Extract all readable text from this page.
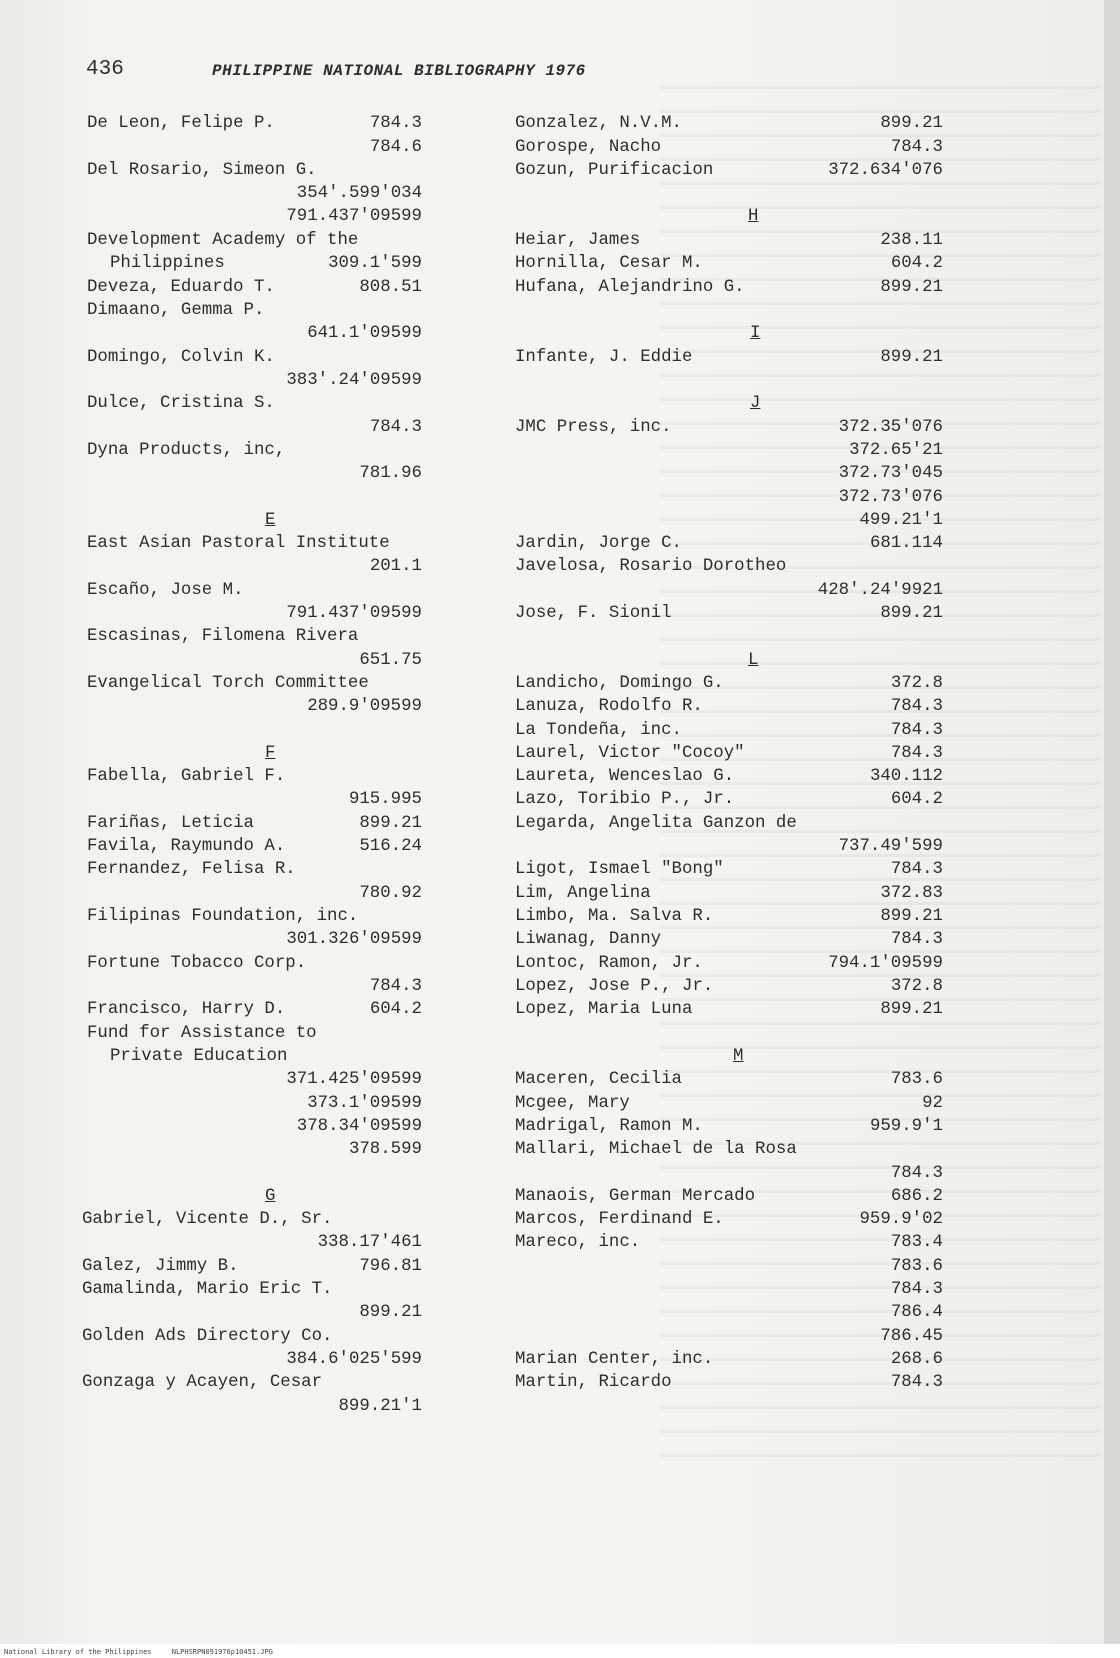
436	PHILIPPINE NATIONAL BIBLIOGRAPHY 1976
De Leon, Felipe P.	784.3
784.6
Del Rosario, Simeon G.
354'.599'034
791.437'09599
Development Academy of the
Philippines	309.1'599
Deveza, Eduardo T.	808.51
Dimaano, Gemma P.
641.1'09599
Domingo, Colvin K.
383'.24'09599
Dulce, Cristina S.
784.3
Dyna Products, inc,
781.96
E
East Asian Pastoral Institute
201.1
Escaño, Jose M.
791.437'09599
Escasinas, Filomena Rivera
651.75
Evangelical Torch Committee
289.9'09599
F
Fabella, Gabriel F.
915.995
Fariñas, Leticia	899.21
Favila, Raymundo A.	516.24
Fernandez, Felisa R.
780.92
Filipinas Foundation, inc.
301.326'09599
Fortune Tobacco Corp.
784.3
Francisco, Harry D.	604.2
Fund for Assistance to
Private Education
371.425'09599
373.1'09599
378.34'09599
378.599
G
Gabriel, Vicente D., Sr.
338.17'461
Galez, Jimmy B.	796.81
Gamalinda, Mario Eric T.
899.21
Golden Ads Directory Co.
384.6'025'599
Gonzaga y Acayen, Cesar
899.21'1
Gonzalez, N.V.M.	899.21
Gorospe, Nacho	784.3
Gozun, Purificacion	372.634'076
H
Heiar, James	238.11
Hornilla, Cesar M.	604.2
Hufana, Alejandrino G.	899.21
I
Infante, J. Eddie	899.21
J
JMC Press, inc.	372.35'076
372.65'21
372.73'045
372.73'076
499.21'1
Jardin, Jorge C.	681.114
Javelosa, Rosario Dorotheo
428'.24'9921
Jose, F. Sionil	899.21
L
Landicho, Domingo G.	372.8
Lanuza, Rodolfo R.	784.3
La Tondeña, inc.	784.3
Laurel, Victor "Cocoy"	784.3
Laureta, Wenceslao G.	340.112
Lazo, Toribio P., Jr.	604.2
Legarda, Angelita Ganzon de
737.49'599
Ligot, Ismael "Bong"	784.3
Lim, Angelina	372.83
Limbo, Ma. Salva R.	899.21
Liwanag, Danny	784.3
Lontoc, Ramon, Jr.	794.1'09599
Lopez, Jose P., Jr.	372.8
Lopez, Maria Luna	899.21
M
Maceren, Cecilia	783.6
Mcgee, Mary	92
Madrigal, Ramon M.	959.9'1
Mallari, Michael de la Rosa
784.3
Manaois, German Mercado	686.2
Marcos, Ferdinand E.	959.9'02
Mareco, inc.	783.4
783.6
784.3
786.4
786.45
Marian Center, inc.	268.6
Martin, Ricardo	784.3
National Library of the Philippines	NLPHSRPN091976p10451.JPG
